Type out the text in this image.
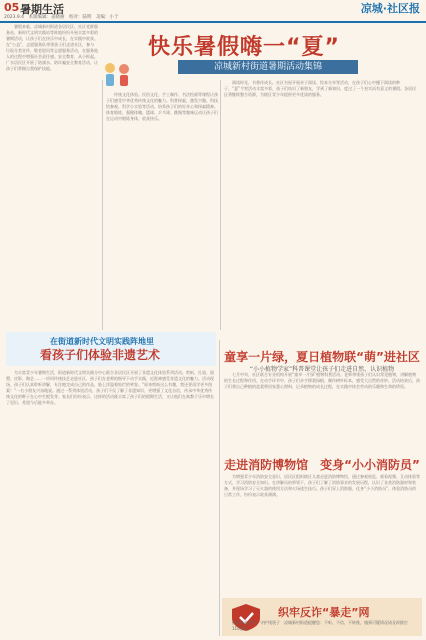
05 暑期生活	凉城·社区报
2023.9.4　本版编辑：姜晓丽　校对：陆明　美编：小于
快乐暑假嗨一“夏”
凉城新村街道暑期活动集锦

暑假来临，凉城新村街道各居民区、社区党群服务站、新时代文明实践站等阵地纷纷开展丰富多彩的暑期活动，让孩子们在快乐中成长，在实践中收获。在“公益”，志愿服务队带领孩子们走进社区，参与垃圾分类宣传、敬老慰问等志愿服务活动，在服务他人的过程中增强社会责任感。安全教育，从小抓起。广水居民区开展了防溺水、防诈骗安全教育活动，让孩子们掌握自我保护技能。

传统文化体验。民俗文化、手工制作、书法绘画等课程让孩子们感受中华优秀传统文化的魅力。科普探索，激发兴趣。科技馆参观、科学小实验等活动，培养孩子们的好奇心和探索精神。体育锻炼，强健体魄。篮球、乒乓球、跳绳等趣味运动让孩子们在运动中锻炼身体，收获快乐。

阅读时光，书香伴成长。社区书屋开展亲子阅读、绘本分享等活动，在孩子们心中播下阅读的种子。“夏”令营活动丰富多彩，孩子们结识了新朋友，学到了新知识，度过了一个充实而有意义的暑假。各居民区将继续整合资源，为辖区青少年提供更多优质的服务。

在街道新时代文明实践阵地里
看孩子们体验非遗艺术

为丰富青少年暑期生活，街道新时代文明实践分中心联合各居民区开展了非遗文化体验系列活动。剪纸、扎染、面塑、皮影、陶艺……一项项传统技艺走进社区，孩子们在老师的指导下动手实践，近距离感受非遗文化的魅力。活动现场，孩子们认真聆听讲解，专注地完成自己的作品，脸上洋溢着灿烂的笑容。“原来剪纸这么有趣，我还要再学更多图案！”一名小朋友兴奋地说。通过一系列体验活动，孩子们不仅了解了非遗知识，更增强了文化自信，传承中华优秀传统文化的种子在心中生根发芽。家长们纷纷表示，这样的活动既丰富了孩子们的假期生活，又让他们在寓教于乐中增长了见识，希望今后能多举办。

童享一片绿，夏日植物联“萌”进社区
“小小植物学家”科普课堂让孩子们走进自然、认识植物

七月中旬，社区联合专业机构开展“童享一片绿”植物科普活动。老师带领孩子们认识常见植物，讲解植物的生长过程和作用。在动手环节中，孩子们亲手移栽绿植、制作树叶标本，感受大自然的奇妙。活动结束后，孩子们将自己种植的盆栽带回家悉心照料，记录植物的成长过程，在实践中体会劳动的乐趣和生命的珍贵。

走进消防博物馆　变身“小小消防员”

为增强青少年消防安全意识，居民区组织辖区儿童走进消防博物馆，通过参观展览、观看视频、互动体验等方式，学习消防安全知识。在讲解员的带领下，孩子们了解了消防事业的发展历程，认识了各类消防器材和装备，并现场学习了灭火器的使用方法和火场逃生技巧。孩子们穿上消防服，化身“小小消防员”，体验消防员的日常工作，纷纷表示收获满满。

织牢反诈“暴走”网
提高防范意识　守护钱袋子　凉城新村街道提醒您：不听、不信、不转账，遇到可疑情况请及时拨打110报警。
